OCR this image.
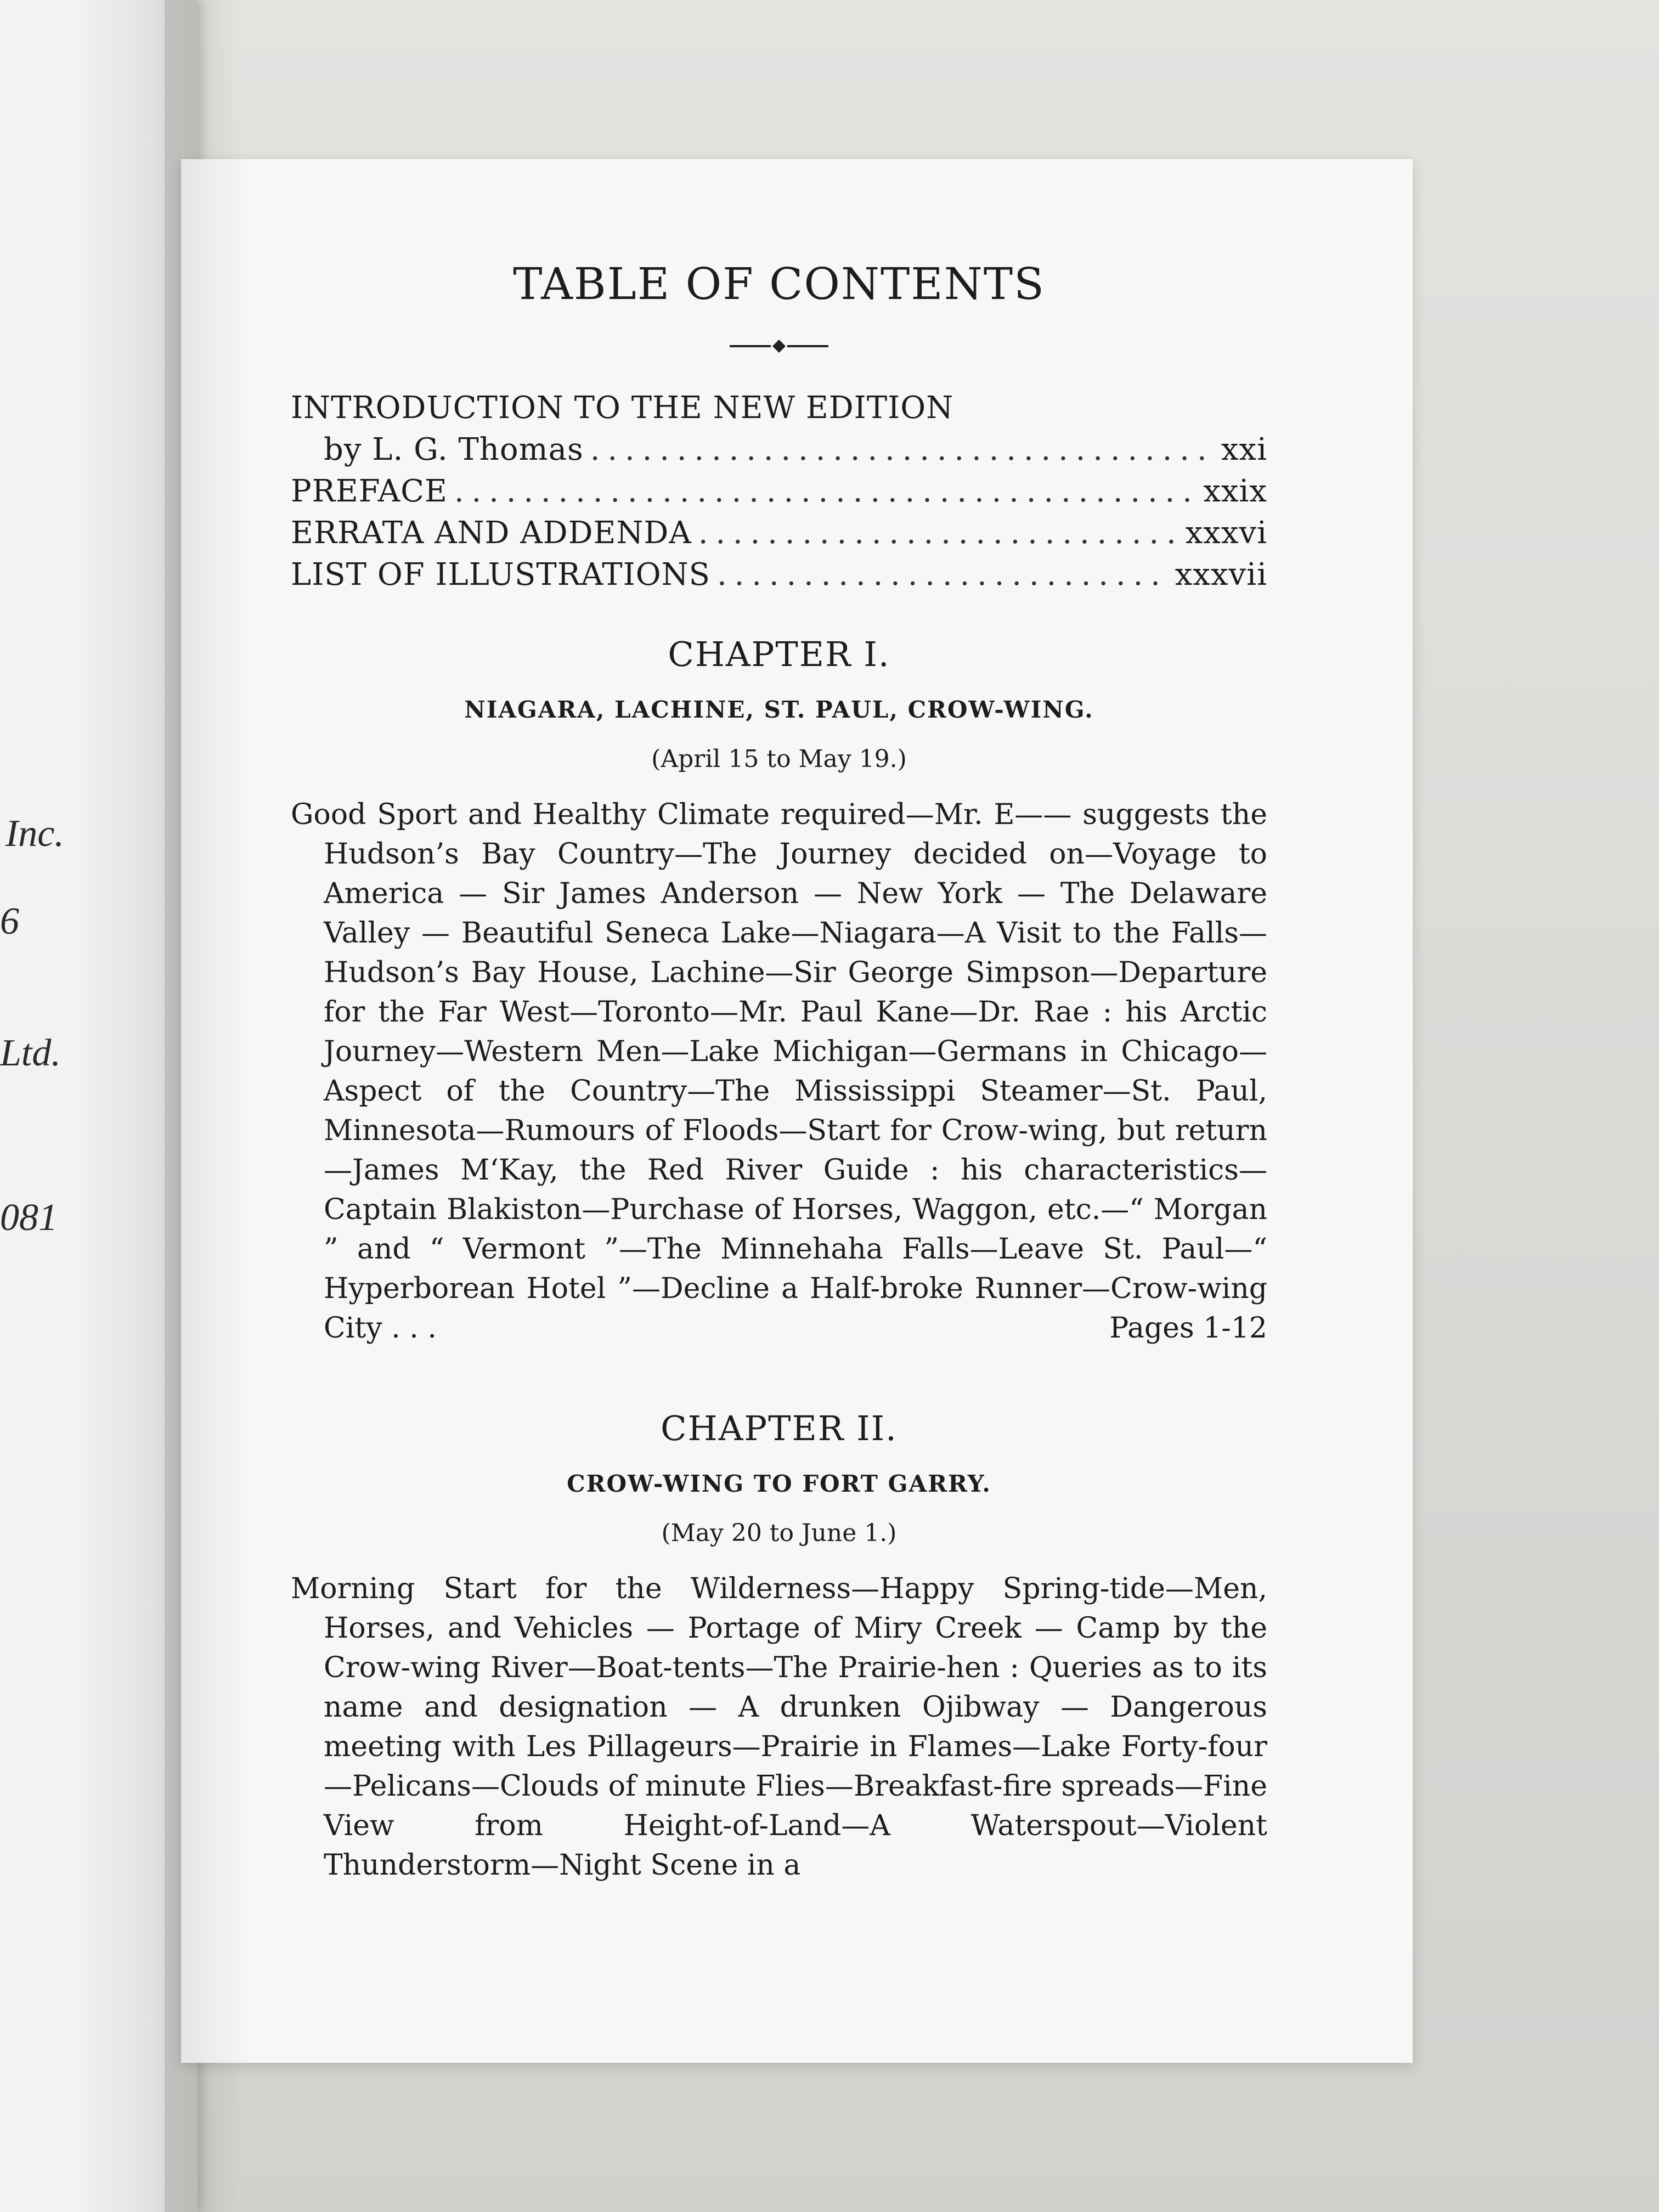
Inc.
6
Ltd.
081
TABLE OF CONTENTS
INTRODUCTION TO THE NEW EDITION
by L. G. Thomas . . .	xxi
PREFACE . . .	xxix
ERRATA AND ADDENDA . . .	xxxvi
LIST OF ILLUSTRATIONS . . .	xxxvii
CHAPTER I.
NIAGARA, LACHINE, ST. PAUL, CROW-WING.
(April 15 to May 19.)

Good Sport and Healthy Climate required—Mr. E—— suggests the Hudson’s Bay Country—The Journey decided on—Voyage to America — Sir James Anderson — New York — The Delaware Valley — Beautiful Seneca Lake—Niagara—A Visit to the Falls—Hudson’s Bay House, Lachine—Sir George Simpson—Departure for the Far West—Toronto—Mr. Paul Kane—Dr. Rae : his Arctic Journey—Western Men—Lake Michigan—Germans in Chicago—Aspect of the Country—The Mississippi Steamer—St. Paul, Minnesota—Rumours of Floods—Start for Crow-wing, but return—James M‘Kay, the Red River Guide : his characteristics—Captain Blakiston—Purchase of Horses, Waggon, etc.—“ Morgan ” and “ Vermont ”—The Minnehaha Falls—Leave St. Paul—“ Hyperborean Hotel ”—Decline a Half-broke Runner—Crow-wing City . . .	Pages 1-12

CHAPTER II.
CROW-WING TO FORT GARRY.
(May 20 to June 1.)

Morning Start for the Wilderness—Happy Spring-tide—Men, Horses, and Vehicles — Portage of Miry Creek — Camp by the Crow-wing River—Boat-tents—The Prairie-hen : Queries as to its name and designation — A drunken Ojibway — Dangerous meeting with Les Pillageurs—Prairie in Flames—Lake Forty-four—Pelicans—Clouds of minute Flies—Breakfast-fire spreads—Fine View from Height-of-Land—A Waterspout—Violent Thunderstorm—Night Scene in a
